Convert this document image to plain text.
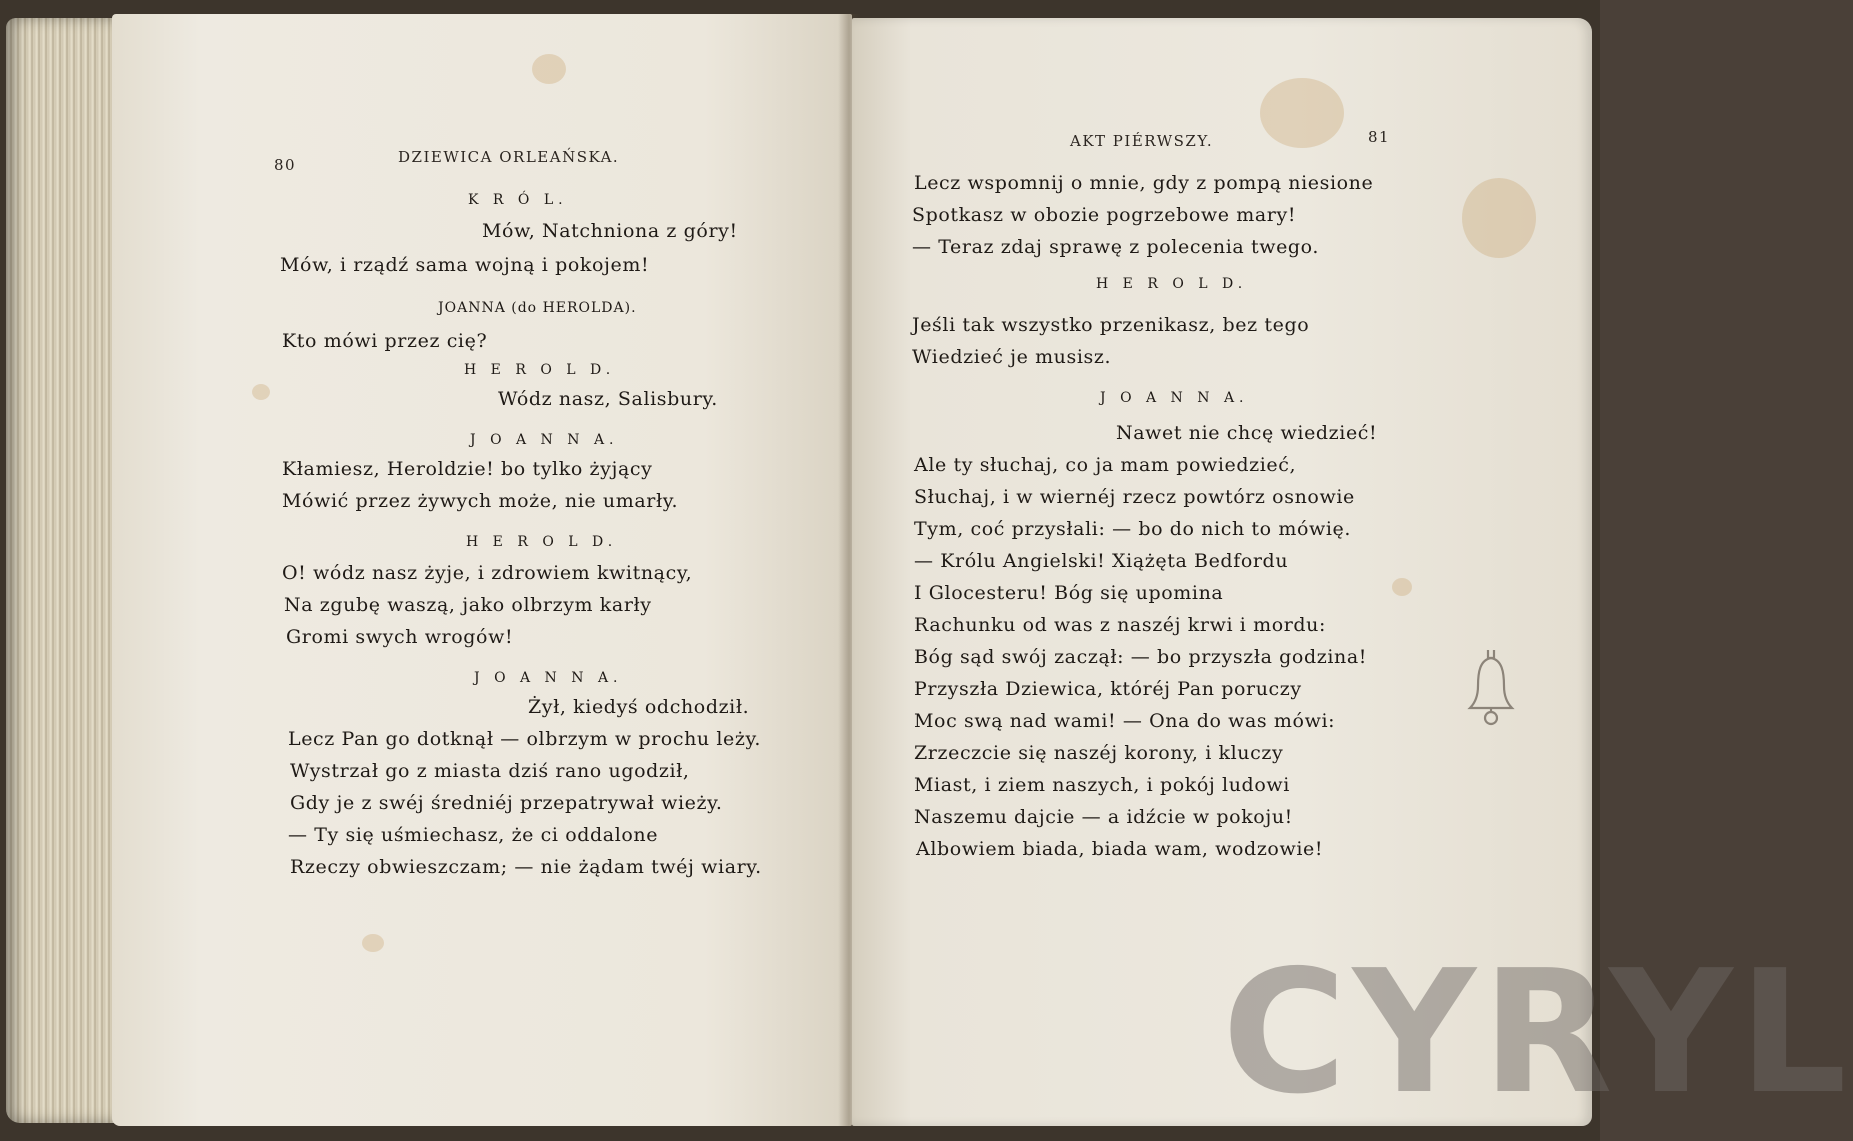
80	DZIEWICA ORLEAŃSKA.
K R Ó L.
Mów, Natchniona z góry!
Mów, i rządź sama wojną i pokojem!
JOANNA (do HEROLDA).
Kto mówi przez cię?
H E R O L D.
Wódz nasz, Salisbury.
J O A N N A.
Kłamiesz, Heroldzie! bo tylko żyjący
Mówić przez żywych może, nie umarły.
H E R O L D.
O! wódz nasz żyje, i zdrowiem kwitnący,
Na zgubę waszą, jako olbrzym karły
Gromi swych wrogów!
J O A N N A.
Żył, kiedyś odchodził.
Lecz Pan go dotknął — olbrzym w prochu leży.
Wystrzał go z miasta dziś rano ugodził,
Gdy je z swéj średniéj przepatrywał wieży.
— Ty się uśmiechasz, że ci oddalone
Rzeczy obwieszczam; — nie żądam twéj wiary.
AKT PIÉRWSZY.	81
Lecz wspomnij o mnie, gdy z pompą niesione
Spotkasz w obozie pogrzebowe mary!
— Teraz zdaj sprawę z polecenia twego.
H E R O L D.
Jeśli tak wszystko przenikasz, bez tego
Wiedzieć je musisz.
J O A N N A.
Nawet nie chcę wiedzieć!
Ale ty słuchaj, co ja mam powiedzieć,
Słuchaj, i w wiernéj rzecz powtórz osnowie
Tym, coć przysłali: — bo do nich to mówię.
— Królu Angielski! Xiążęta Bedfordu
I Glocesteru! Bóg się upomina
Rachunku od was z naszéj krwi i mordu:
Bóg sąd swój zaczął: — bo przyszła godzina!
Przyszła Dziewica, któréj Pan poruczy
Moc swą nad wami! — Ona do was mówi:
Zrzeczcie się naszéj korony, i kluczy
Miast, i ziem naszych, i pokój ludowi
Naszemu dajcie — a idźcie w pokoju!
Albowiem biada, biada wam, wodzowie!
CYRYL
